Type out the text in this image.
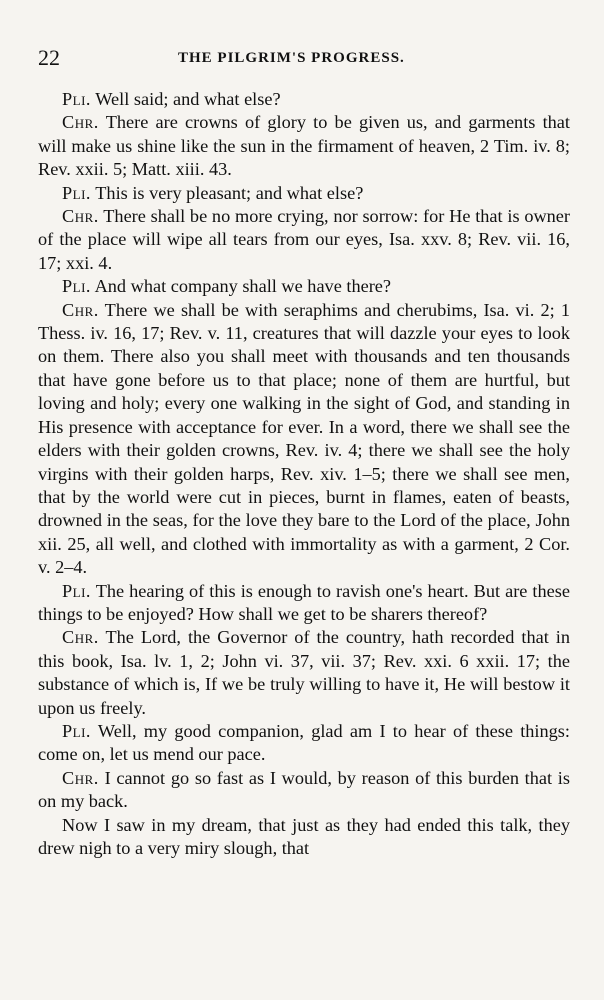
22	THE PILGRIM'S PROGRESS.

Pli. Well said; and what else?

Chr. There are crowns of glory to be given us, and garments that will make us shine like the sun in the firmament of heaven, 2 Tim. iv. 8; Rev. xxii. 5; Matt. xiii. 43.

Pli. This is very pleasant; and what else?

Chr. There shall be no more crying, nor sorrow: for He that is owner of the place will wipe all tears from our eyes, Isa. xxv. 8; Rev. vii. 16, 17; xxi. 4.

Pli. And what company shall we have there?

Chr. There we shall be with seraphims and cherubims, Isa. vi. 2; 1 Thess. iv. 16, 17; Rev. v. 11, creatures that will dazzle your eyes to look on them. There also you shall meet with thousands and ten thousands that have gone before us to that place; none of them are hurtful, but loving and holy; every one walking in the sight of God, and standing in His presence with acceptance for ever. In a word, there we shall see the elders with their golden crowns, Rev. iv. 4; there we shall see the holy virgins with their golden harps, Rev. xiv. 1–5; there we shall see men, that by the world were cut in pieces, burnt in flames, eaten of beasts, drowned in the seas, for the love they bare to the Lord of the place, John xii. 25, all well, and clothed with immortality as with a garment, 2 Cor. v. 2–4.

Pli. The hearing of this is enough to ravish one's heart. But are these things to be enjoyed? How shall we get to be sharers thereof?

Chr. The Lord, the Governor of the country, hath recorded that in this book, Isa. lv. 1, 2; John vi. 37, vii. 37; Rev. xxi. 6 xxii. 17; the substance of which is, If we be truly willing to have it, He will bestow it upon us freely.

Pli. Well, my good companion, glad am I to hear of these things: come on, let us mend our pace.

Chr. I cannot go so fast as I would, by reason of this burden that is on my back.

Now I saw in my dream, that just as they had ended this talk, they drew nigh to a very miry slough, that
